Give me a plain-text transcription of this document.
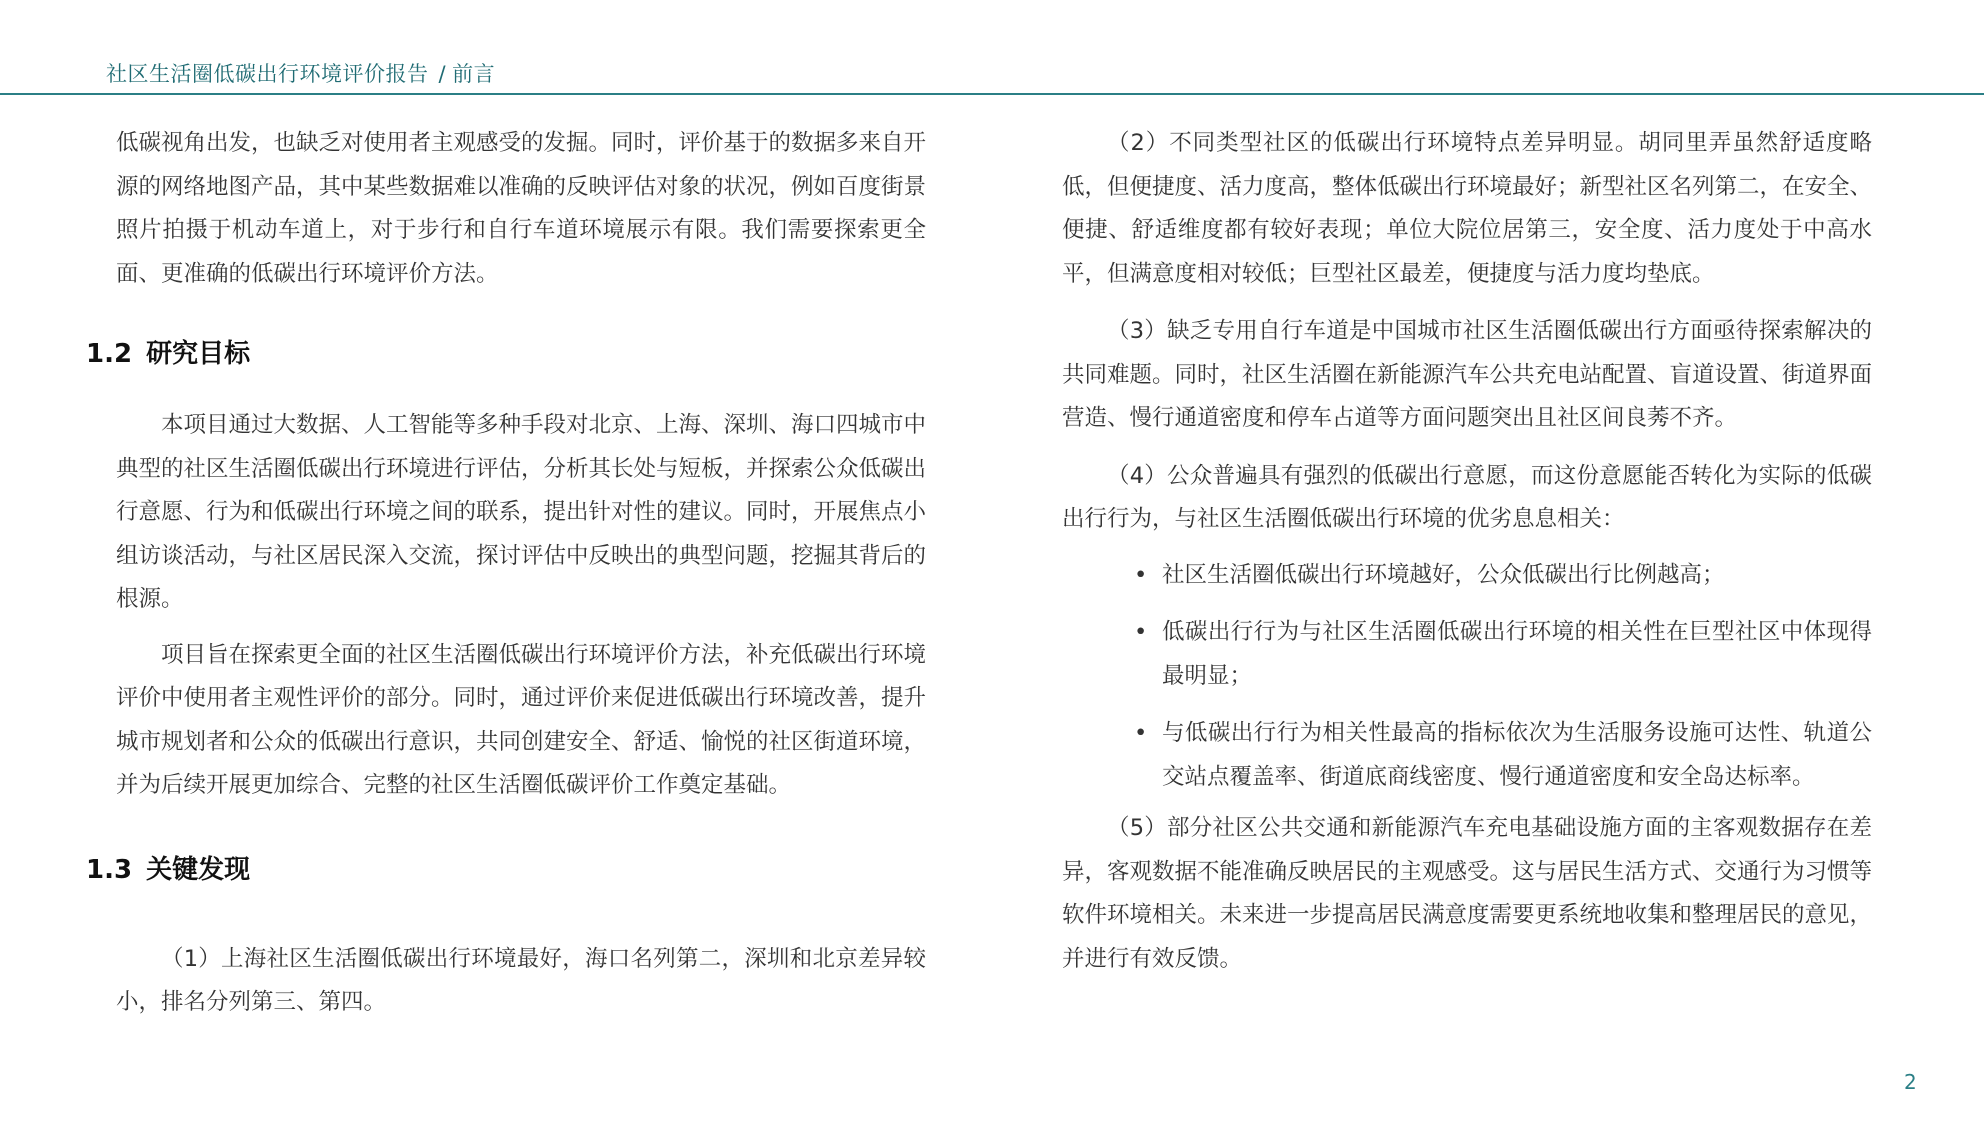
社区生活圈低碳出行环境评价报告 / 前言

低碳视角出发，也缺乏对使用者主观感受的发掘。同时，评价基于的数据多来自开源的网络地图产品，其中某些数据难以准确的反映评估对象的状况，例如百度街景照片拍摄于机动车道上，对于步行和自行车道环境展示有限。我们需要探索更全面、更准确的低碳出行环境评价方法。

1.2 研究目标

本项目通过大数据、人工智能等多种手段对北京、上海、深圳、海口四城市中典型的社区生活圈低碳出行环境进行评估，分析其长处与短板，并探索公众低碳出行意愿、行为和低碳出行环境之间的联系，提出针对性的建议。同时，开展焦点小组访谈活动，与社区居民深入交流，探讨评估中反映出的典型问题，挖掘其背后的根源。

项目旨在探索更全面的社区生活圈低碳出行环境评价方法，补充低碳出行环境评价中使用者主观性评价的部分。同时，通过评价来促进低碳出行环境改善，提升城市规划者和公众的低碳出行意识，共同创建安全、舒适、愉悦的社区街道环境，并为后续开展更加综合、完整的社区生活圈低碳评价工作奠定基础。

1.3 关键发现

（1）上海社区生活圈低碳出行环境最好，海口名列第二，深圳和北京差异较小，排名分列第三、第四。

（2）不同类型社区的低碳出行环境特点差异明显。胡同里弄虽然舒适度略低，但便捷度、活力度高，整体低碳出行环境最好；新型社区名列第二，在安全、便捷、舒适维度都有较好表现；单位大院位居第三，安全度、活力度处于中高水平，但满意度相对较低；巨型社区最差，便捷度与活力度均垫底。

（3）缺乏专用自行车道是中国城市社区生活圈低碳出行方面亟待探索解决的共同难题。同时，社区生活圈在新能源汽车公共充电站配置、盲道设置、街道界面营造、慢行通道密度和停车占道等方面问题突出且社区间良莠不齐。

（4）公众普遍具有强烈的低碳出行意愿，而这份意愿能否转化为实际的低碳出行行为，与社区生活圈低碳出行环境的优劣息息相关：

• 社区生活圈低碳出行环境越好，公众低碳出行比例越高；
• 低碳出行行为与社区生活圈低碳出行环境的相关性在巨型社区中体现得最明显；
• 与低碳出行行为相关性最高的指标依次为生活服务设施可达性、轨道公交站点覆盖率、街道底商线密度、慢行通道密度和安全岛达标率。

（5）部分社区公共交通和新能源汽车充电基础设施方面的主客观数据存在差异，客观数据不能准确反映居民的主观感受。这与居民生活方式、交通行为习惯等软件环境相关。未来进一步提高居民满意度需要更系统地收集和整理居民的意见，并进行有效反馈。

2
